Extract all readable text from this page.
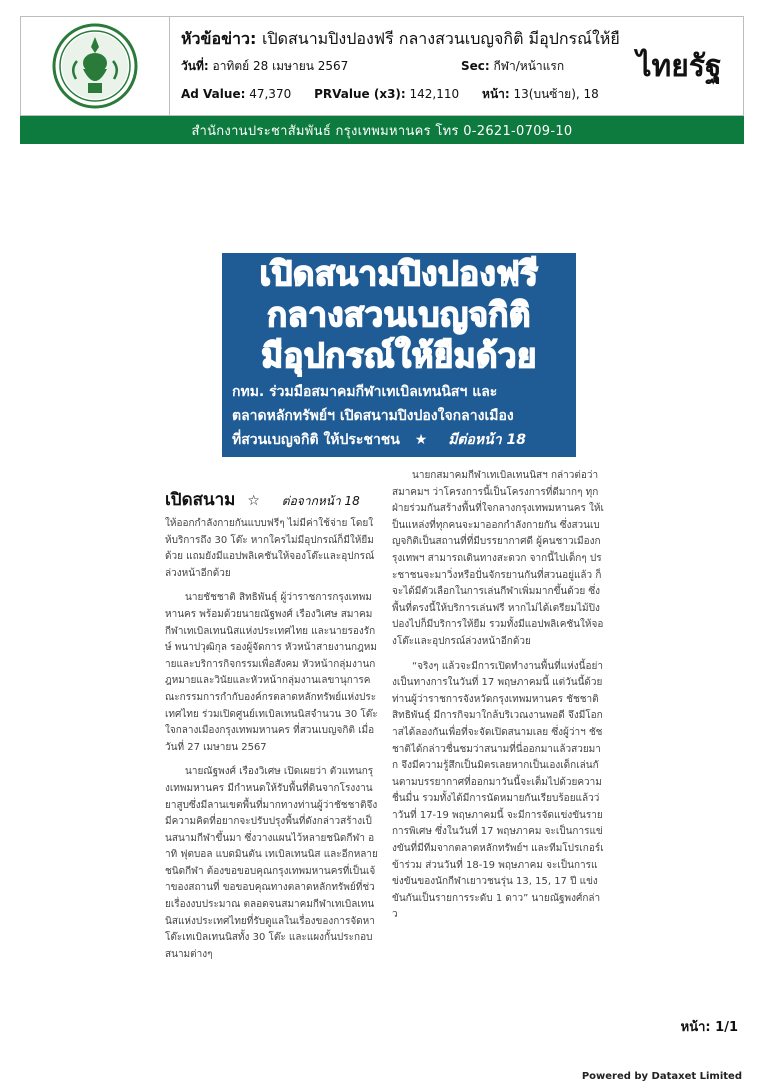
หัวข้อข่าว: เปิดสนามปิงปองฟรี กลางสวนเบญจกิติ มีอุปกรณ์ให้ยื
วันที่: อาทิตย์ 28 เมษายน 2567	Sec: กีฬา/หน้าแรก
Ad Value: 47,370 PRValue (x3): 142,110 หน้า: 13(บนซ้าย), 18
ไทยรัฐ
สำนักงานประชาสัมพันธ์ กรุงเทพมหานคร โทร 0-2621-0709-10
เปิดสนามปิงปองฟรี
กลางสวนเบญจกิติ
มีอุปกรณ์ให้ยืมด้วย
กทม. ร่วมมือสมาคมกีฬาเทเบิลเทนนิสฯ และ
ตลาดหลักทรัพย์ฯ เปิดสนามปิงปองใจกลางเมือง
ที่สวนเบญจกิติ ให้ประชาชน ★ มีต่อหน้า 18
เปิดสนาม ☆ ต่อจากหน้า 18

ให้ออกกำลังกายกันแบบฟรีๆ ไม่มีค่าใช้จ่าย โดยให้บริการถึง 30 โต๊ะ หากใครไม่มีอุปกรณ์ก็มีให้ยืมด้วย แถมยังมีแอปพลิเคชันให้จองโต๊ะและอุปกรณ์ล่วงหน้าอีกด้วย

นายชัชชาติ สิทธิพันธุ์ ผู้ว่าราชการกรุงเทพมหานคร พร้อมด้วยนายณัฐพงศ์ เรืองวิเศษ สมาคมกีฬาเทเบิลเทนนิสแห่งประเทศไทย และนายรองรักษ์ พนาปวุฒิกุล รองผู้จัดการ หัวหน้าสายงานกฎหมายและบริการกิจกรรมเพื่อสังคม หัวหน้ากลุ่มงานกฎหมายและวินัยและหัวหน้ากลุ่มงานเลขานุการคณะกรรมการกำกับองค์กรตลาดหลักทรัพย์แห่งประเทศไทย ร่วมเปิดศูนย์เทเบิลเทนนิสจำนวน 30 โต๊ะ ใจกลางเมืองกรุงเทพมหานคร ที่สวนเบญจกิติ เมื่อวันที่ 27 เมษายน 2567

นายณัฐพงศ์ เรืองวิเศษ เปิดเผยว่า ตัวแทนกรุงเทพมหานคร มีกำหนดให้รับพื้นที่ดินจากโรงงานยาสูบซึ่งมีลานเขตพื้นที่มากทางท่านผู้ว่าชัชชาติจึงมีความคิดที่อยากจะปรับปรุงพื้นที่ดังกล่าวสร้างเป็นสนามกีฬาขึ้นมา ซึ่งวางแผนไว้หลายชนิดกีฬา อาทิ ฟุตบอล แบดมินตัน เทเบิลเทนนิส และอีกหลายชนิดกีฬา ต้องขอขอบคุณกรุงเทพมหานครที่เป็นเจ้าของสถานที่ ขอขอบคุณทางตลาดหลักทรัพย์ที่ช่วยเรื่องงบประมาณ ตลอดจนสมาคมกีฬาเทเบิลเทนนิสแห่งประเทศไทยที่รับดูแลในเรื่องของการจัดหาโต๊ะเทเบิลเทนนิสทั้ง 30 โต๊ะ และแผงกั้นประกอบสนามต่างๆ

นายกสมาคมกีฬาเทเบิลเทนนิสฯ กล่าวต่อว่า สมาคมฯ ว่าโครงการนี้เป็นโครงการที่ดีมากๆ ทุกฝ่ายร่วมกันสร้างพื้นที่ใจกลางกรุงเทพมหานคร ให้เป็นแหล่งที่ทุกคนจะมาออกกำลังกายกัน ซึ่งสวนเบญจกิติเป็นสถานที่ที่มีบรรยากาศดี ผู้คนชาวเมืองกรุงเทพฯ สามารถเดินทางสะดวก จากนี้ไปเด็กๆ ประชาชนจะมาวิ่งหรือปั่นจักรยานกันที่สวนอยู่แล้ว ก็จะได้มีตัวเลือกในการเล่นกีฬาเพิ่มมากขึ้นด้วย ซึ่งพื้นที่ตรงนี้ให้บริการเล่นฟรี หากไม่ได้เตรียมไม้ปิงปองไปก็มีบริการให้ยืม รวมทั้งมีแอปพลิเคชันให้จองโต๊ะและอุปกรณ์ล่วงหน้าอีกด้วย

“จริงๆ แล้วจะมีการเปิดทำงานพื้นที่แห่งนี้อย่างเป็นทางการในวันที่ 17 พฤษภาคมนี้ แต่วันนี้ด้วยท่านผู้ว่าราชการจังหวัดกรุงเทพมหานคร ชัชชาติ สิทธิพันธุ์ มีการกิจมาใกล้บริเวณงานพอดี จึงมีโอกาสได้ลองกันเพื่อที่จะจัดเปิดสนามเลย ซึ่งผู้ว่าฯ ชัชชาติได้กล่าวชื่นชมว่าสนามที่นี่ออกมาแล้วสวยมาก จึงมีความรู้สึกเป็นมิตรเลยหากเป็นเองเด็กเล่นกันตามบรรยากาศที่ออกมาวันนี้จะเต็มไปด้วยความชื่นมื่น รวมทั้งได้มีการนัดหมายกันเรียบร้อยแล้วว่าวันที่ 17-19 พฤษภาคมนี้ จะมีการจัดแข่งขันรายการพิเศษ ซึ่งในวันที่ 17 พฤษภาคม จะเป็นการแข่งขันที่มีทีมจากตลาดหลักทรัพย์ฯ และทีมโปรเกอร์เข้าร่วม ส่วนวันที่ 18-19 พฤษภาคม จะเป็นการแข่งขันของนักกีฬาเยาวชนรุ่น 13, 15, 17 ปี แข่งขันกันเป็นรายการระดับ 1 ดาว” นายณัฐพงศ์กล่าว

หน้า: 1/1
Powered by Dataxet Limited
